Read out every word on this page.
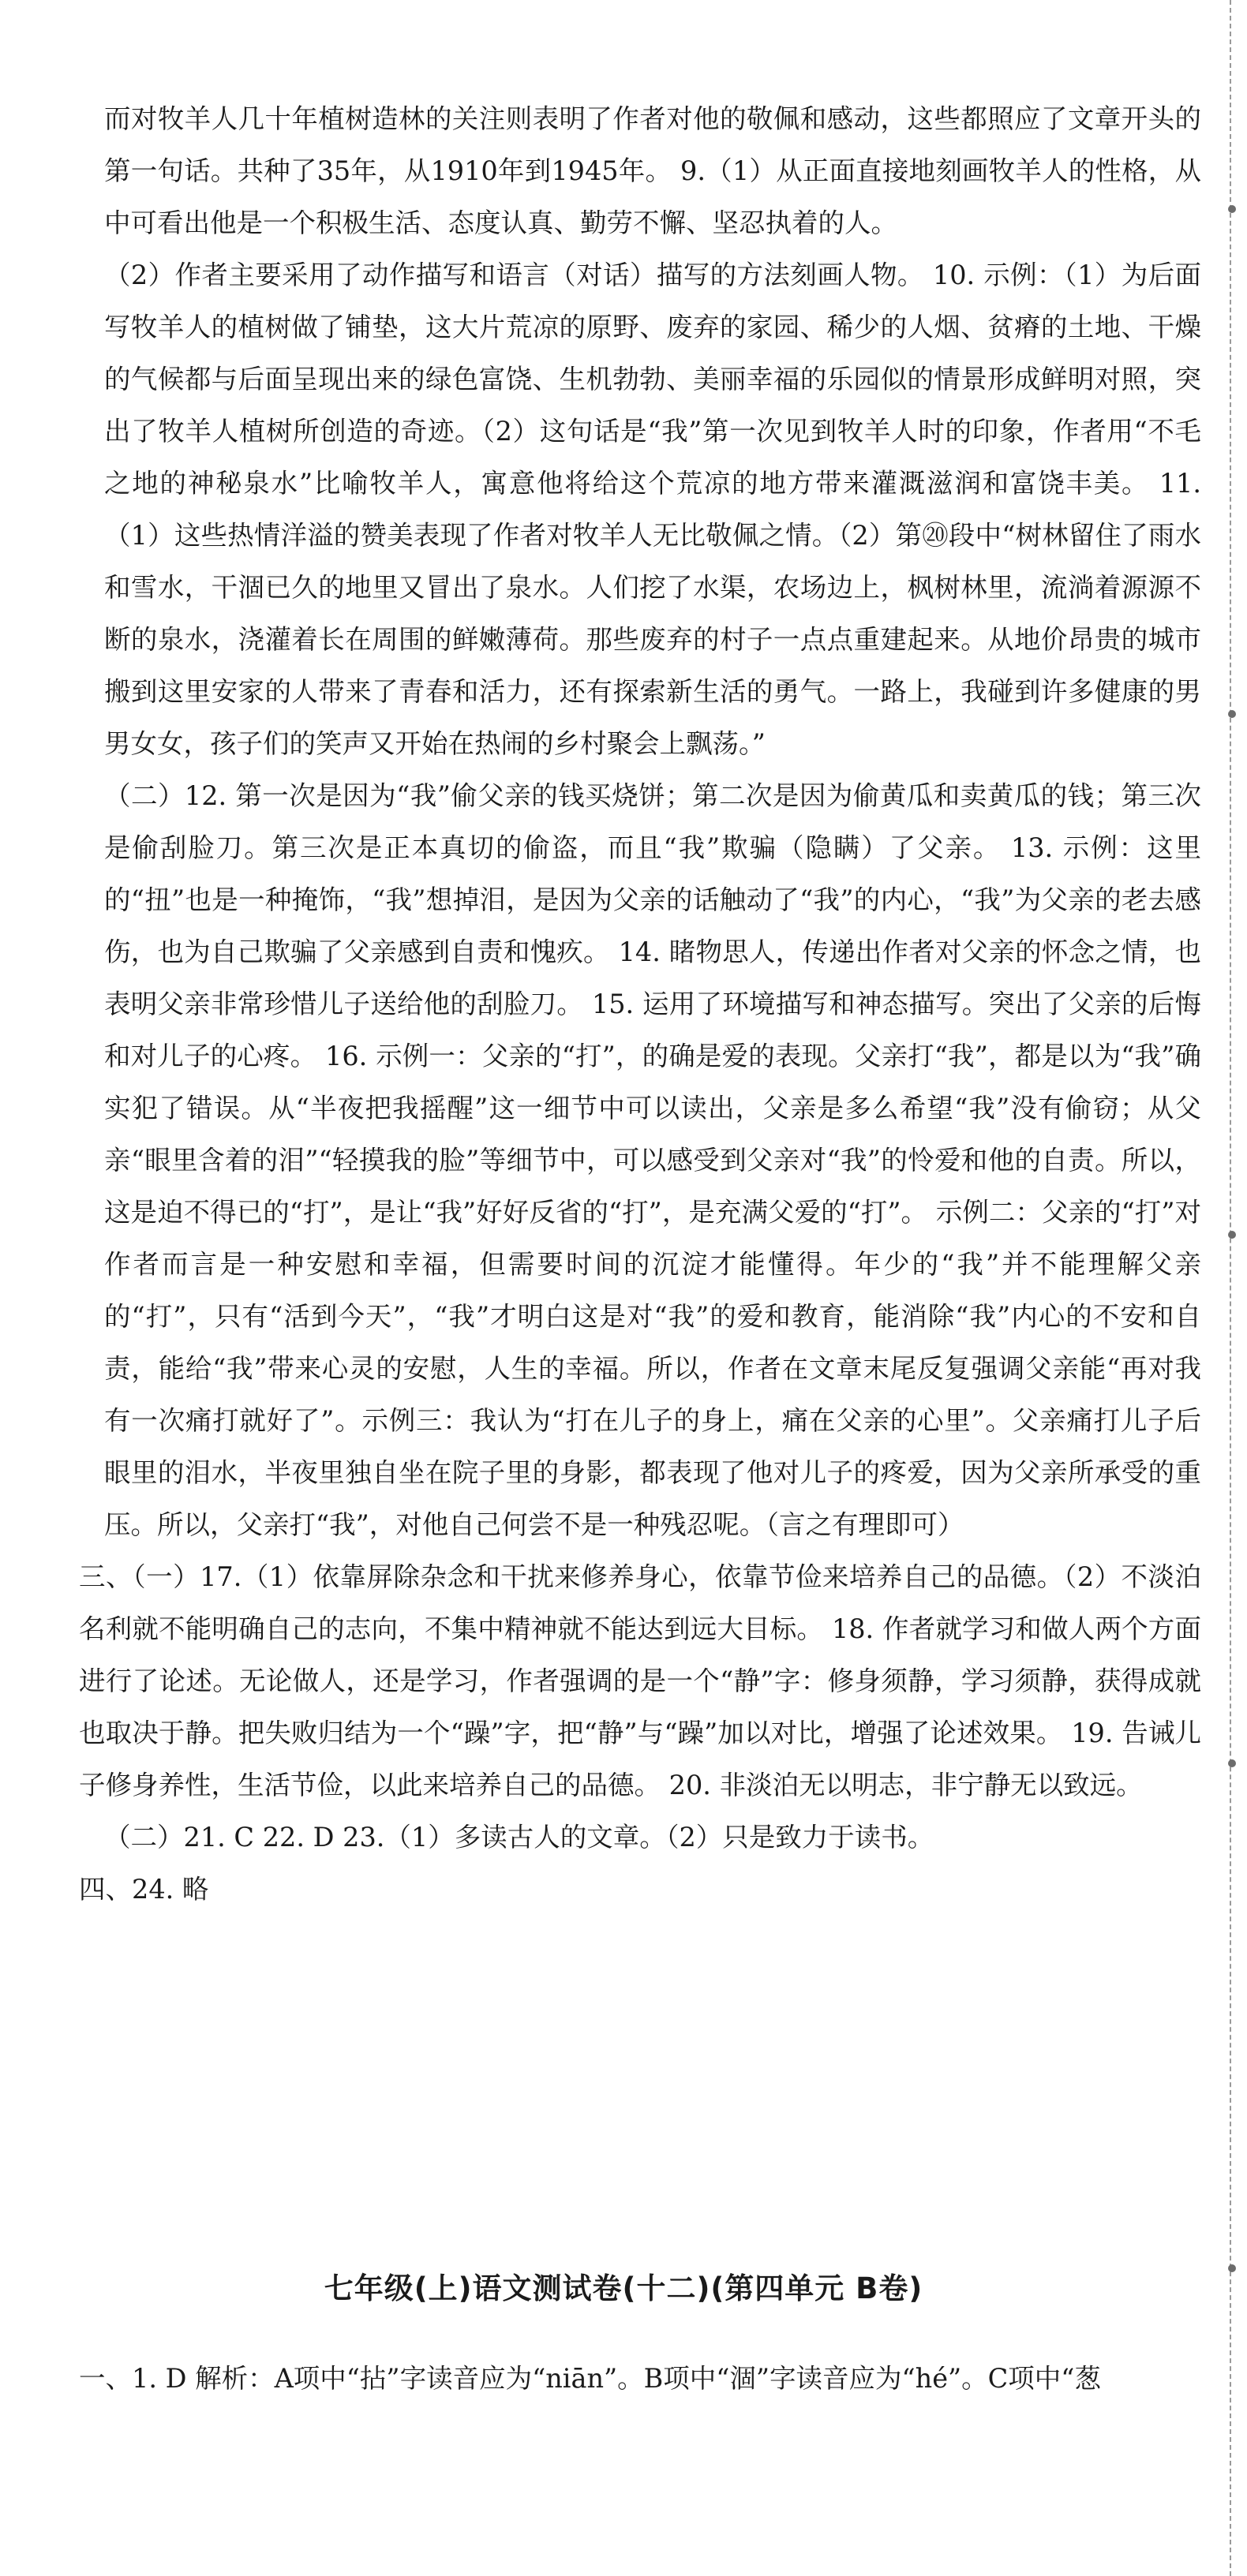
而对牧羊人几十年植树造林的关注则表明了作者对他的敬佩和感动，这些都照应了文章开头的第一句话。共种了35年，从1910年到1945年。 9.（1）从正面直接地刻画牧羊人的性格，从中可看出他是一个积极生活、态度认真、勤劳不懈、坚忍执着的人。

（2）作者主要采用了动作描写和语言（对话）描写的方法刻画人物。 10. 示例：（1）为后面写牧羊人的植树做了铺垫，这大片荒凉的原野、废弃的家园、稀少的人烟、贫瘠的土地、干燥的气候都与后面呈现出来的绿色富饶、生机勃勃、美丽幸福的乐园似的情景形成鲜明对照，突出了牧羊人植树所创造的奇迹。（2）这句话是“我”第一次见到牧羊人时的印象，作者用“不毛之地的神秘泉水”比喻牧羊人，寓意他将给这个荒凉的地方带来灌溉滋润和富饶丰美。 11.（1）这些热情洋溢的赞美表现了作者对牧羊人无比敬佩之情。（2）第⑳段中“树林留住了雨水和雪水，干涸已久的地里又冒出了泉水。人们挖了水渠，农场边上，枫树林里，流淌着源源不断的泉水，浇灌着长在周围的鲜嫩薄荷。那些废弃的村子一点点重建起来。从地价昂贵的城市搬到这里安家的人带来了青春和活力，还有探索新生活的勇气。一路上，我碰到许多健康的男男女女，孩子们的笑声又开始在热闹的乡村聚会上飘荡。”

（二）12. 第一次是因为“我”偷父亲的钱买烧饼；第二次是因为偷黄瓜和卖黄瓜的钱；第三次是偷刮脸刀。第三次是正本真切的偷盗，而且“我”欺骗（隐瞒）了父亲。 13. 示例：这里的“扭”也是一种掩饰，“我”想掉泪，是因为父亲的话触动了“我”的内心，“我”为父亲的老去感伤，也为自己欺骗了父亲感到自责和愧疚。 14. 睹物思人，传递出作者对父亲的怀念之情，也表明父亲非常珍惜儿子送给他的刮脸刀。 15. 运用了环境描写和神态描写。突出了父亲的后悔和对儿子的心疼。 16. 示例一：父亲的“打”，的确是爱的表现。父亲打“我”，都是以为“我”确实犯了错误。从“半夜把我摇醒”这一细节中可以读出，父亲是多么希望“我”没有偷窃；从父亲“眼里含着的泪”“轻摸我的脸”等细节中，可以感受到父亲对“我”的怜爱和他的自责。所以，这是迫不得已的“打”，是让“我”好好反省的“打”，是充满父爱的“打”。 示例二：父亲的“打”对作者而言是一种安慰和幸福，但需要时间的沉淀才能懂得。年少的“我”并不能理解父亲的“打”，只有“活到今天”，“我”才明白这是对“我”的爱和教育，能消除“我”内心的不安和自责，能给“我”带来心灵的安慰，人生的幸福。所以，作者在文章末尾反复强调父亲能“再对我有一次痛打就好了”。示例三：我认为“打在儿子的身上，痛在父亲的心里”。父亲痛打儿子后眼里的泪水，半夜里独自坐在院子里的身影，都表现了他对儿子的疼爱，因为父亲所承受的重压。所以，父亲打“我”，对他自己何尝不是一种残忍呢。（言之有理即可）

三、（一）17.（1）依靠屏除杂念和干扰来修养身心，依靠节俭来培养自己的品德。（2）不淡泊名利就不能明确自己的志向，不集中精神就不能达到远大目标。 18. 作者就学习和做人两个方面进行了论述。无论做人，还是学习，作者强调的是一个“静”字：修身须静，学习须静，获得成就也取决于静。把失败归结为一个“躁”字，把“静”与“躁”加以对比，增强了论述效果。 19. 告诫儿子修身养性，生活节俭，以此来培养自己的品德。 20. 非淡泊无以明志，非宁静无以致远。

（二）21. C 22. D 23.（1）多读古人的文章。（2）只是致力于读书。

四、24. 略

七年级(上)语文测试卷(十二)(第四单元 B卷)
一、1. D 解析：A项中“拈”字读音应为“niān”。B项中“涸”字读音应为“hé”。C项中“葱
